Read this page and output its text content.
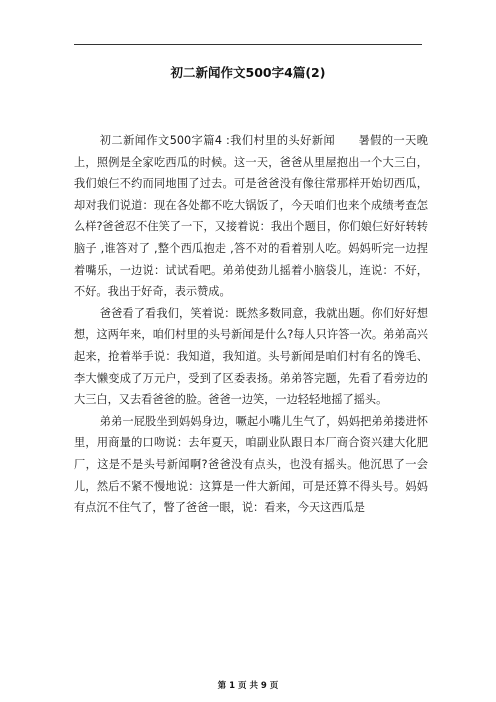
初二新闻作文500字4篇(2)

初二新闻作文500字篇4 :我们村里的头好新闻　　暑假的一天晚上，照例是全家吃西瓜的时候。这一天，爸爸从里屋抱出一个大三白，我们娘仨不约而同地围了过去。可是爸爸没有像往常那样开始切西瓜，却对我们说道：现在各处都不吃大锅饭了，今天咱们也来个成绩考查怎么样?爸爸忍不住笑了一下，又接着说：我出个题目，你们娘仨好好转转脑子 ,谁答对了 ,整个西瓜抱走 ,答不对的看着别人吃。妈妈听完一边捏着嘴乐，一边说：试试看吧。弟弟使劲儿摇着小脑袋儿，连说：不好，不好。我出于好奇，表示赞成。

爸爸看了看我们，笑着说：既然多数同意，我就出题。你们好好想想，这两年来，咱们村里的头号新闻是什么?每人只许答一次。弟弟高兴起来，抢着举手说：我知道，我知道。头号新闻是咱们村有名的馋毛、李大懒变成了万元户，受到了区委表扬。弟弟答完题，先看了看旁边的大三白，又去看爸爸的脸。爸爸一边笑，一边轻轻地摇了摇头。

弟弟一屁股坐到妈妈身边，噘起小嘴儿生气了，妈妈把弟弟搂进怀里，用商量的口吻说：去年夏天，咱副业队跟日本厂商合资兴建大化肥厂，这是不是头号新闻啊?爸爸没有点头，也没有摇头。他沉思了一会儿，然后不紧不慢地说：这算是一件大新闻，可是还算不得头号。妈妈有点沉不住气了，瞥了爸爸一眼，说：看来，今天这西瓜是

第 1 页 共 9 页
